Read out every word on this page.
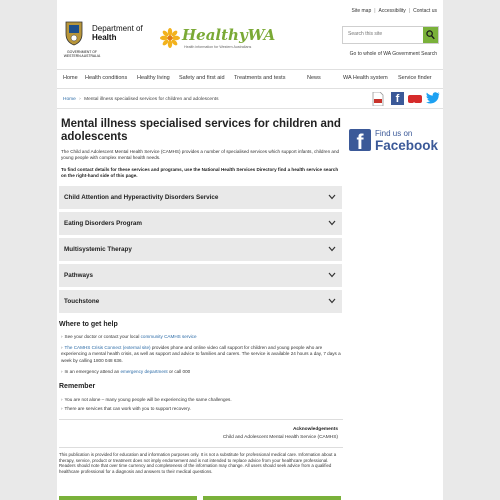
Site map | Accessibility | Contact us
Department of
Health
GOVERNMENT OF WESTERN AUSTRALIA
HealthyWA
Health information for Western Australians
Search this site
Go to whole of WA Government Search
Home Health conditions Healthy living Safety and first aid Treatments and tests	News	WA Health system Service finder
Home › Mental illness specialised services for children and adolescents	f
Mental illness specialised services for children and adolescents
The Child and Adolescent Mental Health Service (CAMHS) provides a number of specialised services which support infants, children and young people with complex mental health needs.
To find contact details for these services and programs, use the National Health Services Directory find a health service search on the right-hand side of this page.
Child Attention and Hyperactivity Disorders Service
Eating Disorders Program
Multisystemic Therapy
Pathways
Touchstone
Where to get help
› See your doctor or contact your local community CAMHS service
› The CAMHS Crisis Connect (external site) provides phone and online video call support for children and young people who are experiencing a mental health crisis, as well as support and advice to families and carers. The service is available 24 hours a day, 7 days a week by calling 1800 048 636.
› In an emergency attend an emergency department or call 000
Remember
› You are not alone – many young people will be experiencing the same challenges.
› There are services that can work with you to support recovery.
Acknowledgements
Child and Adolescent Mental Health Service (CAMHS)
This publication is provided for education and information purposes only. It is not a substitute for professional medical care. Information about a therapy, service, product or treatment does not imply endorsement and is not intended to replace advice from your healthcare professional. Readers should note that over time currency and completeness of the information may change. All users should seek advice from a qualified healthcare professional for a diagnosis and answers to their medical questions.
f	Find us on
Facebook
